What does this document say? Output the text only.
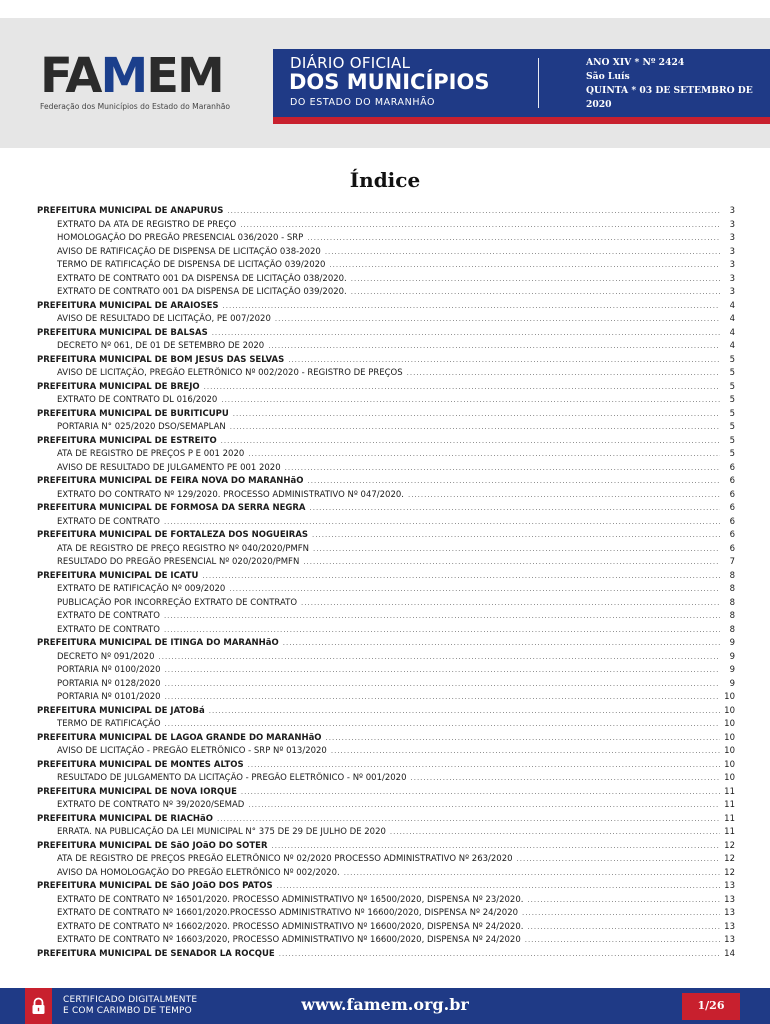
FAMEM
Federação dos Municípios do Estado do Maranhão
DIÁRIO OFICIAL
DOS MUNICÍPIOS
DO ESTADO DO MARANHÃO
ANO XIV * Nº 2424
São Luís
QUINTA * 03 DE SETEMBRO DE 2020
Índice
PREFEITURA MUNICIPAL DE ANAPURUS .....	3
EXTRATO DA ATA DE REGISTRO DE PREÇO .....	3
HOMOLOGAÇÃO DO PREGÃO PRESENCIAL 036/2020 - SRP .....	3
AVISO DE RATIFICAÇÃO DE DISPENSA DE LICITAÇÃO 038-2020 .....	3
TERMO DE RATIFICAÇÃO DE DISPENSA DE LICITAÇÃO 039/2020 .....	3
EXTRATO DE CONTRATO 001 DA DISPENSA DE LICITAÇÃO 038/2020. .....	3
EXTRATO DE CONTRATO 001 DA DISPENSA DE LICITAÇÃO 039/2020. .....	3
PREFEITURA MUNICIPAL DE ARAIOSES .....	4
AVISO DE RESULTADO DE LICITAÇÃO, PE 007/2020 .....	4
PREFEITURA MUNICIPAL DE BALSAS .....	4
DECRETO Nº 061, DE 01 DE SETEMBRO DE 2020 .....	4
PREFEITURA MUNICIPAL DE BOM JESUS DAS SELVAS .....	5
AVISO DE LICITAÇÃO, PREGÃO ELETRÔNICO Nº 002/2020 - REGISTRO DE PREÇOS .....	5
PREFEITURA MUNICIPAL DE BREJO .....	5
EXTRATO DE CONTRATO DL 016/2020 .....	5
PREFEITURA MUNICIPAL DE BURITICUPU .....	5
PORTARIA N° 025/2020 DSO/SEMAPLAN .....	5
PREFEITURA MUNICIPAL DE ESTREITO .....	5
ATA DE REGISTRO DE PREÇOS P E 001 2020 .....	5
AVISO DE RESULTADO DE JULGAMENTO PE 001 2020 .....	6
PREFEITURA MUNICIPAL DE FEIRA NOVA DO MARANHãO .....	6
EXTRATO DO CONTRATO Nº 129/2020. PROCESSO ADMINISTRATIVO Nº 047/2020. .....	6
PREFEITURA MUNICIPAL DE FORMOSA DA SERRA NEGRA .....	6
EXTRATO DE CONTRATO .....	6
PREFEITURA MUNICIPAL DE FORTALEZA DOS NOGUEIRAS .....	6
ATA DE REGISTRO DE PREÇO REGISTRO Nº 040/2020/PMFN .....	6
RESULTADO DO PREGÃO PRESENCIAL Nº 020/2020/PMFN .....	7
PREFEITURA MUNICIPAL DE ICATU .....	8
EXTRATO DE RATIFICAÇÃO Nº 009/2020 .....	8
PUBLICAÇÃO POR INCORREÇÃO EXTRATO DE CONTRATO .....	8
EXTRATO DE CONTRATO .....	8
EXTRATO DE CONTRATO .....	8
PREFEITURA MUNICIPAL DE ITINGA DO MARANHãO .....	9
DECRETO Nº 091/2020 .....	9
PORTARIA Nº 0100/2020 .....	9
PORTARIA Nº 0128/2020 .....	9
PORTARIA Nº 0101/2020 .....	10
PREFEITURA MUNICIPAL DE JATOBá .....	10
TERMO DE RATIFICAÇÃO .....	10
PREFEITURA MUNICIPAL DE LAGOA GRANDE DO MARANHãO .....	10
AVISO DE LICITAÇÃO - PREGÃO ELETRÔNICO - SRP Nº 013/2020 .....	10
PREFEITURA MUNICIPAL DE MONTES ALTOS .....	10
RESULTADO DE JULGAMENTO DA LICITAÇÃO - PREGÃO ELETRÔNICO - Nº 001/2020 .....	10
PREFEITURA MUNICIPAL DE NOVA IORQUE .....	11
EXTRATO DE CONTRATO Nº 39/2020/SEMAD .....	11
PREFEITURA MUNICIPAL DE RIACHãO .....	11
ERRATA. NA PUBLICAÇÃO DA LEI MUNICIPAL N° 375 DE 29 DE JULHO DE 2020 .....	11
PREFEITURA MUNICIPAL DE SãO JOãO DO SOTER .....	12
ATA DE REGISTRO DE PREÇOS PREGÃO ELETRÔNICO Nº 02/2020 PROCESSO ADMINISTRATIVO Nº 263/2020 .....	12
AVISO DA HOMOLOGAÇÃO DO PREGÃO ELETRÔNICO Nº 002/2020. .....	12
PREFEITURA MUNICIPAL DE SãO JOãO DOS PATOS .....	13
EXTRATO DE CONTRATO Nº 16501/2020. PROCESSO ADMINISTRATIVO Nº 16500/2020, DISPENSA Nº 23/2020. .....	13
EXTRATO DE CONTRATO Nº 16601/2020.PROCESSO ADMINISTRATIVO Nº 16600/2020, DISPENSA Nº 24/2020 .....	13
EXTRATO DE CONTRATO Nº 16602/2020. PROCESSO ADMINISTRATIVO Nº 16600/2020, DISPENSA Nº 24/2020. .....	13
EXTRATO DE CONTRATO Nº 16603/2020, PROCESSO ADMINISTRATIVO Nº 16600/2020, DISPENSA Nº 24/2020 .....	13
PREFEITURA MUNICIPAL DE SENADOR LA ROCQUE .....	14
CERTIFICADO DIGITALMENTE
E COM CARIMBO DE TEMPO	www.famem.org.br	1/26
